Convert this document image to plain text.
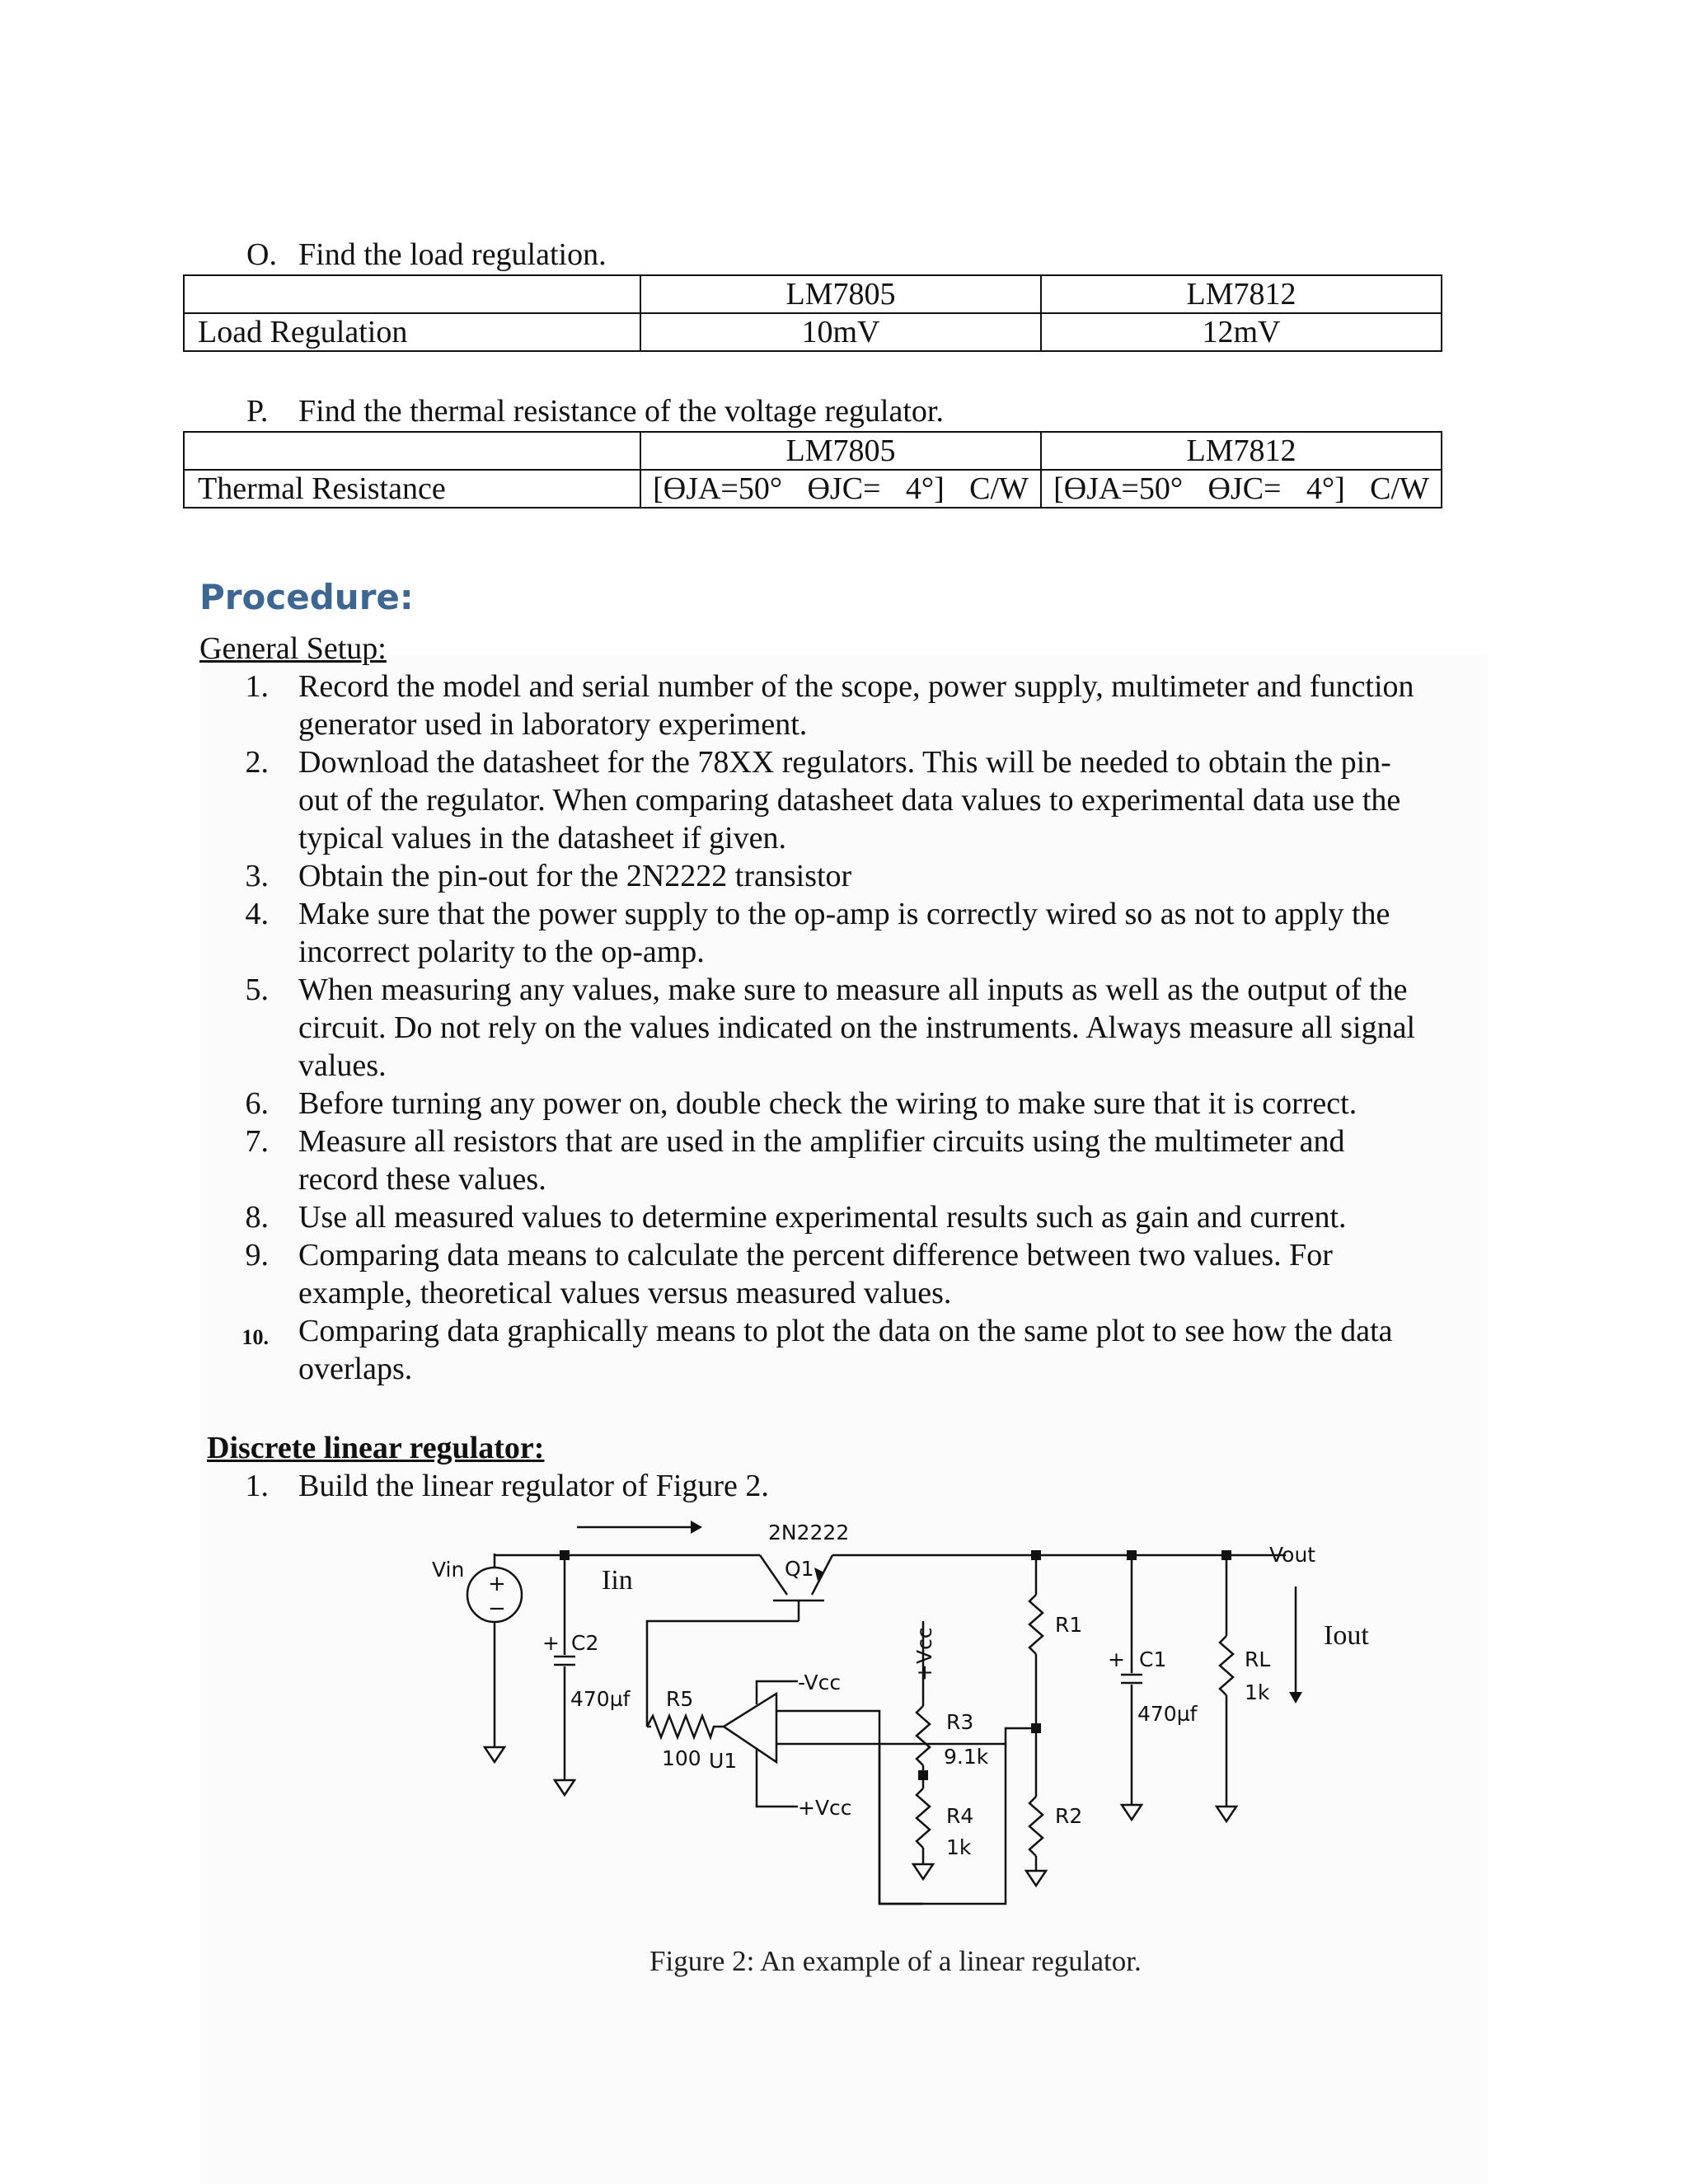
O. Find the load regulation.
	LM7805	LM7812
Load Regulation	10mV	12mV
P. Find the thermal resistance of the voltage regulator.
	LM7805	LM7812
Thermal Resistance	[ϴJA=50° ϴJC= 4°] C/W	[ϴJA=50° ϴJC= 4°] C/W
Procedure:
General Setup:
1. Record the model and serial number of the scope, power supply, multimeter and function
generator used in laboratory experiment.
2. Download the datasheet for the 78XX regulators. This will be needed to obtain the pin-
out of the regulator. When comparing datasheet data values to experimental data use the
typical values in the datasheet if given.
3. Obtain the pin-out for the 2N2222 transistor
4. Make sure that the power supply to the op-amp is correctly wired so as not to apply the
incorrect polarity to the op-amp.
5. When measuring any values, make sure to measure all inputs as well as the output of the
circuit. Do not rely on the values indicated on the instruments. Always measure all signal
values.
6. Before turning any power on, double check the wiring to make sure that it is correct.
7. Measure all resistors that are used in the amplifier circuits using the multimeter and
record these values.
8. Use all measured values to determine experimental results such as gain and current.
9. Comparing data means to calculate the percent difference between two values. For
example, theoretical values versus measured values.
10. Comparing data graphically means to plot the data on the same plot to see how the data
overlaps.
Discrete linear regulator:
1. Build the linear regulator of Figure 2.
Vin
+
−
Iin
2N2222
Q1
+ C2
470µf R5
100 U1
-Vcc
+Vcc
+Vcc
R3
9.1k
R4
1k
R1
R2
+ C1
470µf
RL
1k
Vout
Iout
Figure 2: An example of a linear regulator.
